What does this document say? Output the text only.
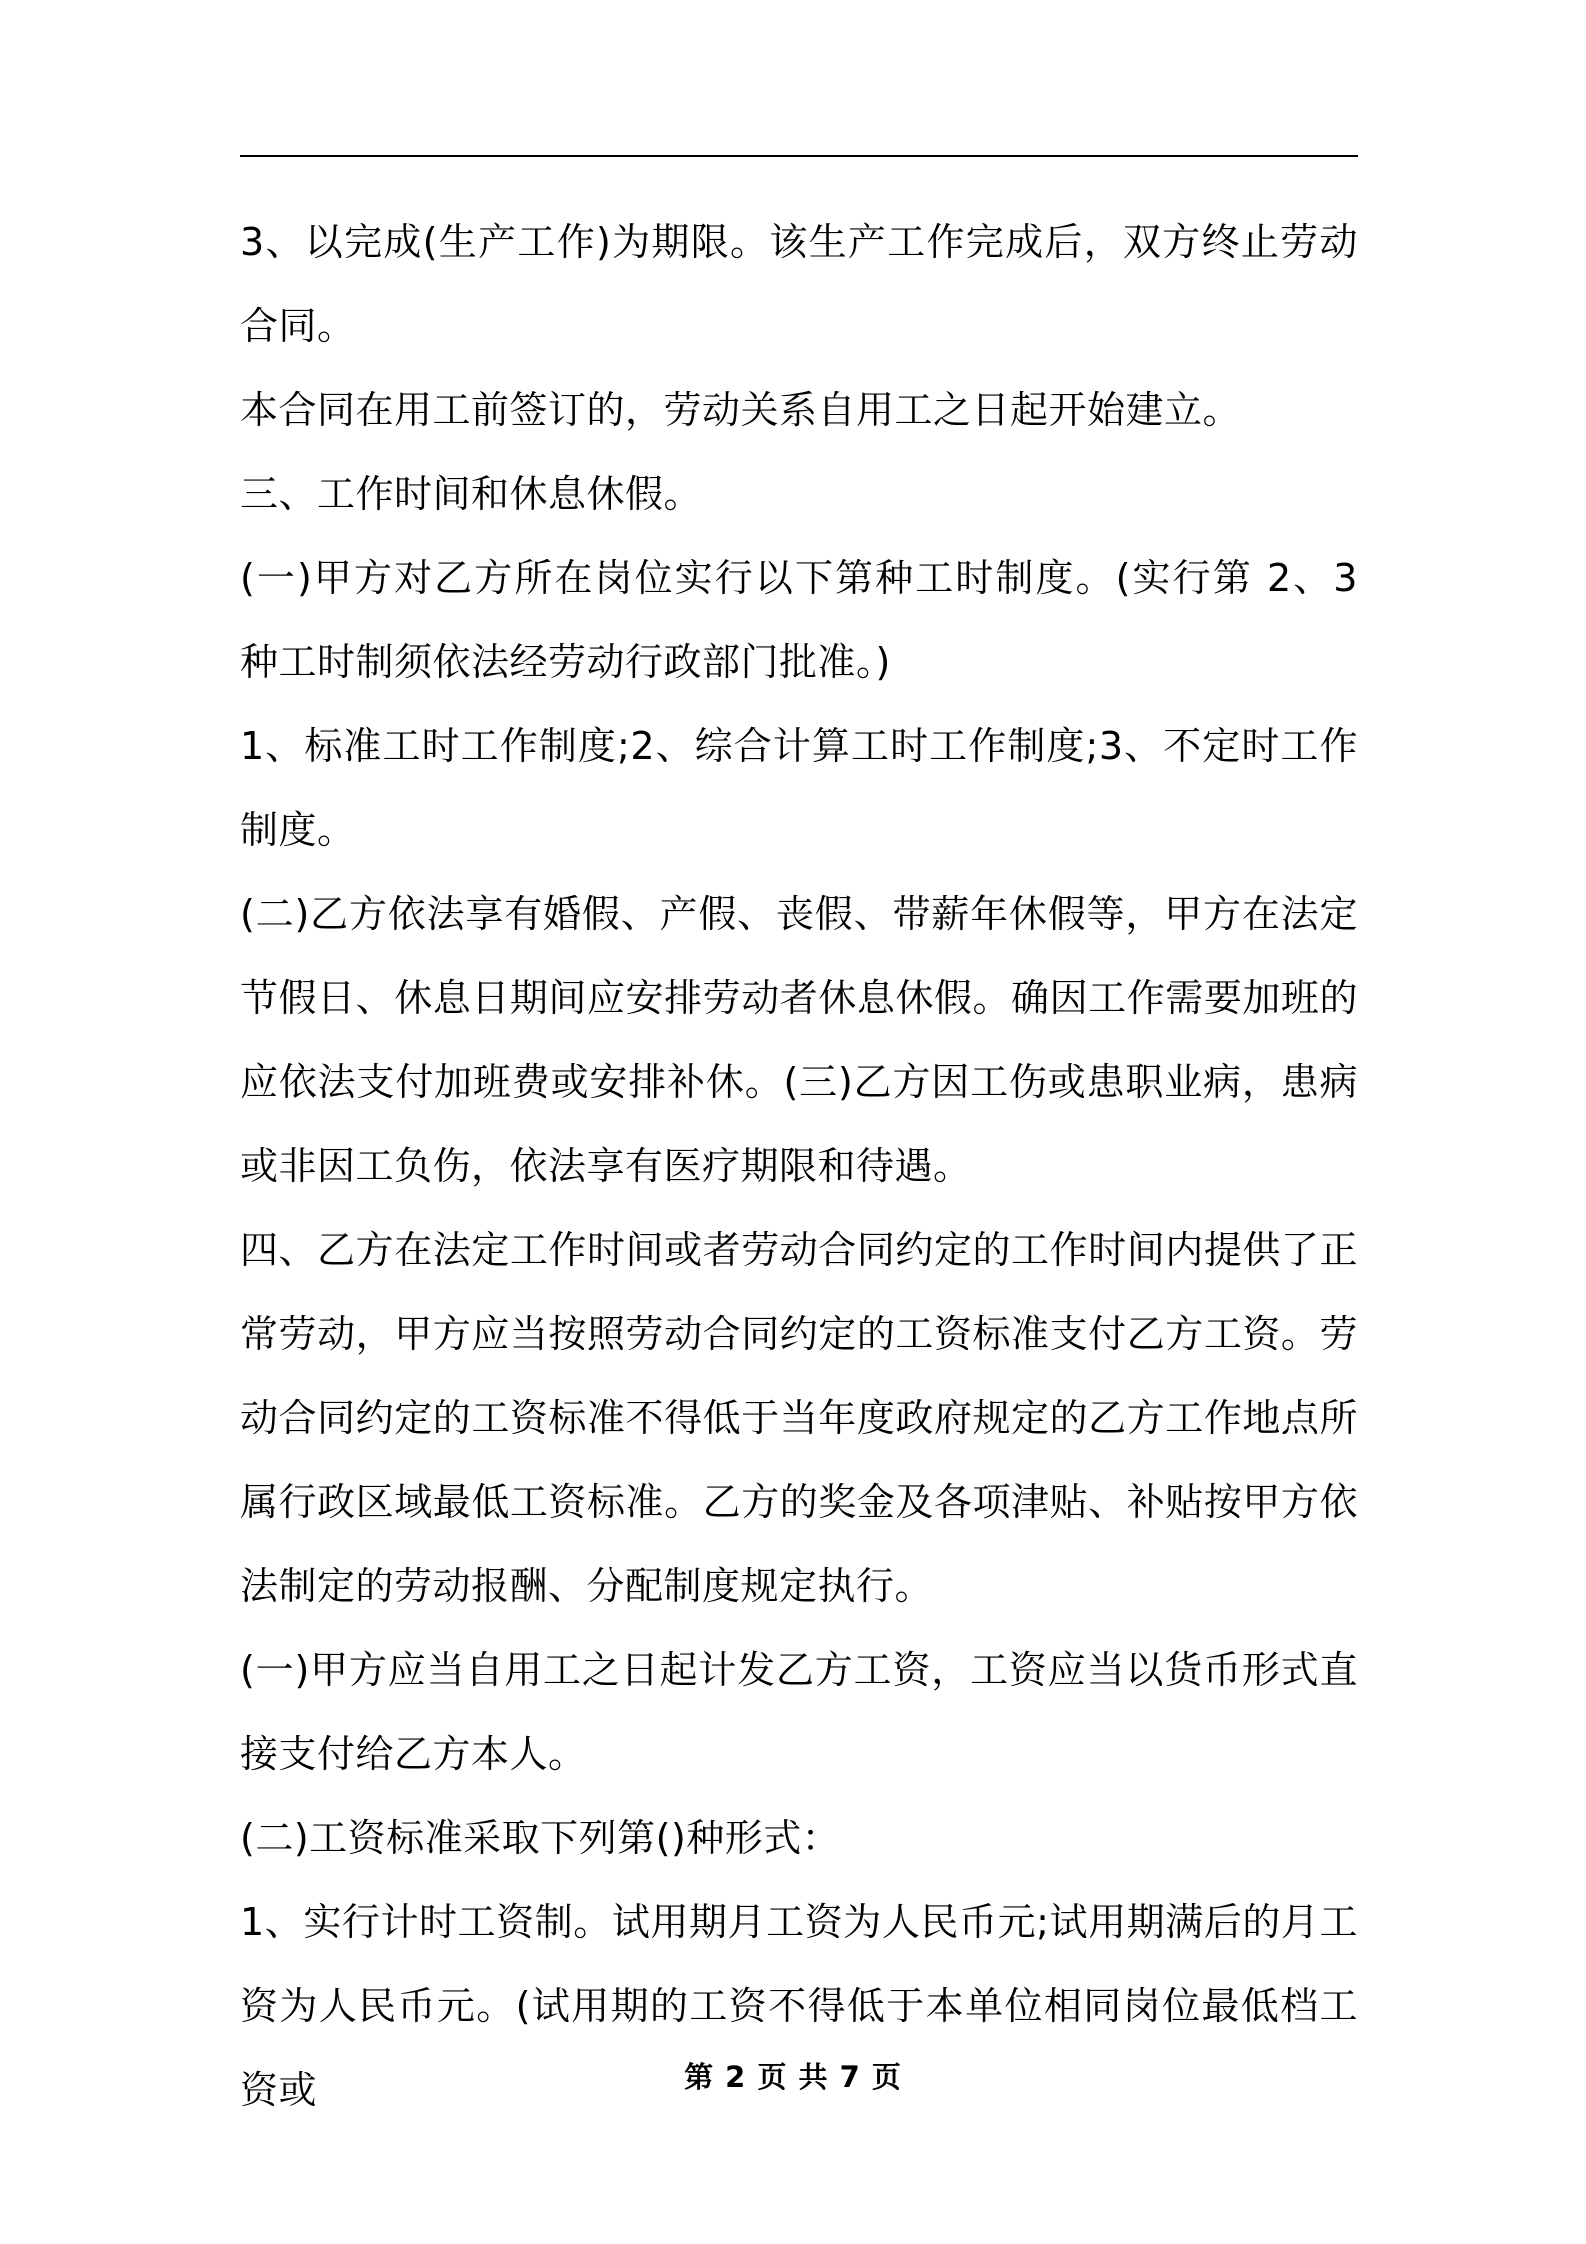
3、以完成(生产工作)为期限。该生产工作完成后，双方终止劳动合同。

本合同在用工前签订的，劳动关系自用工之日起开始建立。

三、工作时间和休息休假。

(一)甲方对乙方所在岗位实行以下第种工时制度。(实行第 2、3 种工时制须依法经劳动行政部门批准。)

1、标准工时工作制度;2、综合计算工时工作制度;3、不定时工作制度。

(二)乙方依法享有婚假、产假、丧假、带薪年休假等，甲方在法定节假日、休息日期间应安排劳动者休息休假。确因工作需要加班的应依法支付加班费或安排补休。(三)乙方因工伤或患职业病，患病或非因工负伤，依法享有医疗期限和待遇。

四、乙方在法定工作时间或者劳动合同约定的工作时间内提供了正常劳动，甲方应当按照劳动合同约定的工资标准支付乙方工资。劳动合同约定的工资标准不得低于当年度政府规定的乙方工作地点所属行政区域最低工资标准。乙方的奖金及各项津贴、补贴按甲方依法制定的劳动报酬、分配制度规定执行。

(一)甲方应当自用工之日起计发乙方工资，工资应当以货币形式直接支付给乙方本人。

(二)工资标准采取下列第()种形式：

1、实行计时工资制。试用期月工资为人民币元;试用期满后的月工资为人民币元。(试用期的工资不得低于本单位相同岗位最低档工资或	第 2 页 共 7 页
